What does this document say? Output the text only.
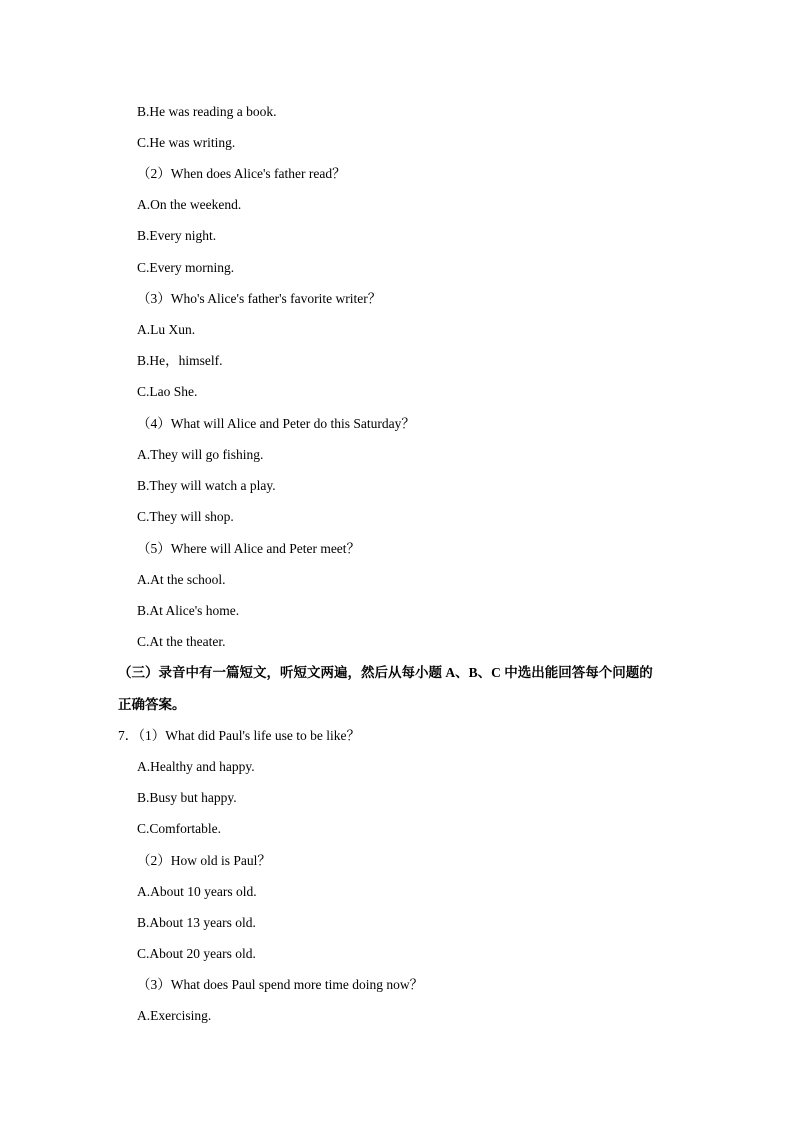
B.He was reading a book.
C.He was writing.
（2）When does Alice's father read？
A.On the weekend.
B.Every night.
C.Every morning.
（3）Who's Alice's father's favorite writer？
A.Lu Xun.
B.He，himself.
C.Lao She.
（4）What will Alice and Peter do this Saturday？
A.They will go fishing.
B.They will watch a play.
C.They will shop.
（5）Where will Alice and Peter meet？
A.At the school.
B.At Alice's home.
C.At the theater.
（三）录音中有一篇短文，听短文两遍，然后从每小题 A、B、C 中选出能回答每个问题的
正确答案。
7．（1）What did Paul's life use to be like？
A.Healthy and happy.
B.Busy but happy.
C.Comfortable.
（2）How old is Paul？
A.About 10 years old.
B.About 13 years old.
C.About 20 years old.
（3）What does Paul spend more time doing now？
A.Exercising.
